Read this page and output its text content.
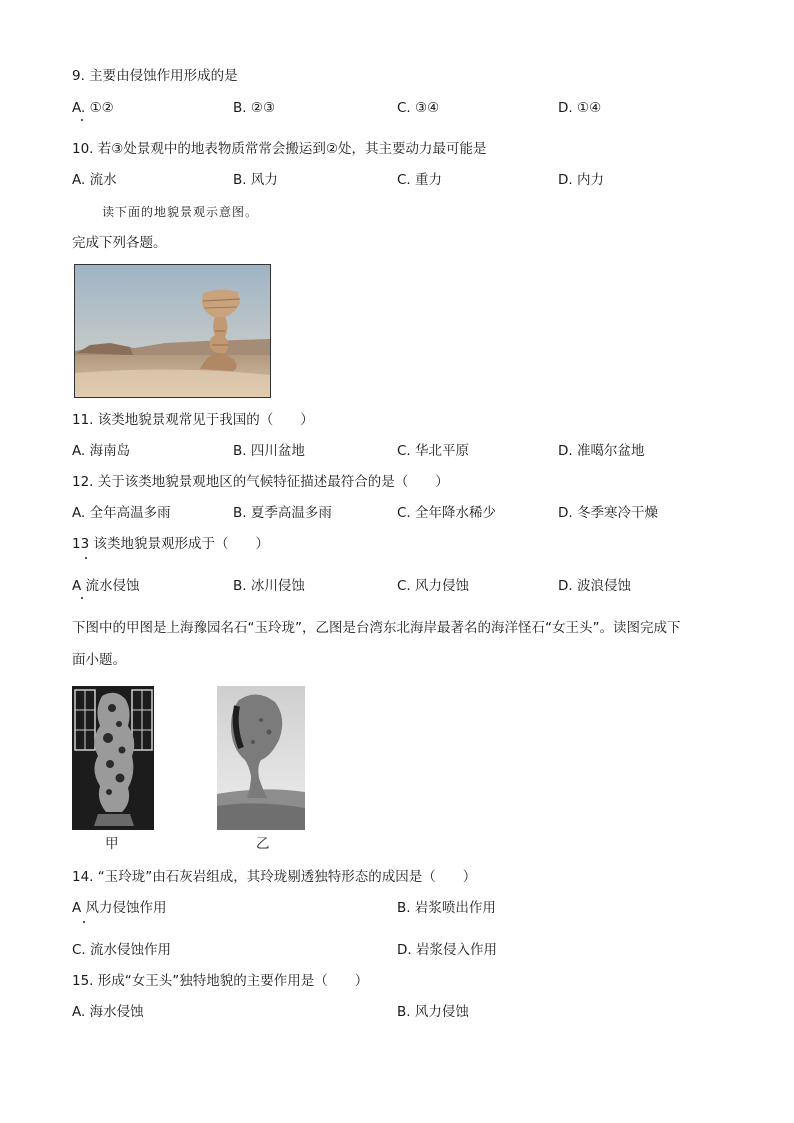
9. 主要由侵蚀作用形成的是
A. ①②	B. ②③	C. ③④	D. ①④
10. 若③处景观中的地表物质常常会搬运到②处，其主要动力最可能是
A. 流水	B. 风力	C. 重力	D. 内力
读下面的地貌景观示意图。
完成下列各题。
11. 该类地貌景观常见于我国的（　　）
A. 海南岛	B. 四川盆地	C. 华北平原	D. 准噶尔盆地
12. 关于该类地貌景观地区的气候特征描述最符合的是（　　）
A. 全年高温多雨	B. 夏季高温多雨	C. 全年降水稀少	D. 冬季寒冷干燥
13 该类地貌景观形成于（　　）
A 流水侵蚀	B. 冰川侵蚀	C. 风力侵蚀	D. 波浪侵蚀
下图中的甲图是上海豫园名石“玉玲珑”，乙图是台湾东北海岸最著名的海洋怪石“女王头”。读图完成下
面小题。
甲	乙
14. “玉玲珑”由石灰岩组成，其玲珑剔透独特形态的成因是（　　）
A 风力侵蚀作用	B. 岩浆喷出作用
C. 流水侵蚀作用	D. 岩浆侵入作用
15. 形成“女王头”独特地貌的主要作用是（　　）
A. 海水侵蚀	B. 风力侵蚀
